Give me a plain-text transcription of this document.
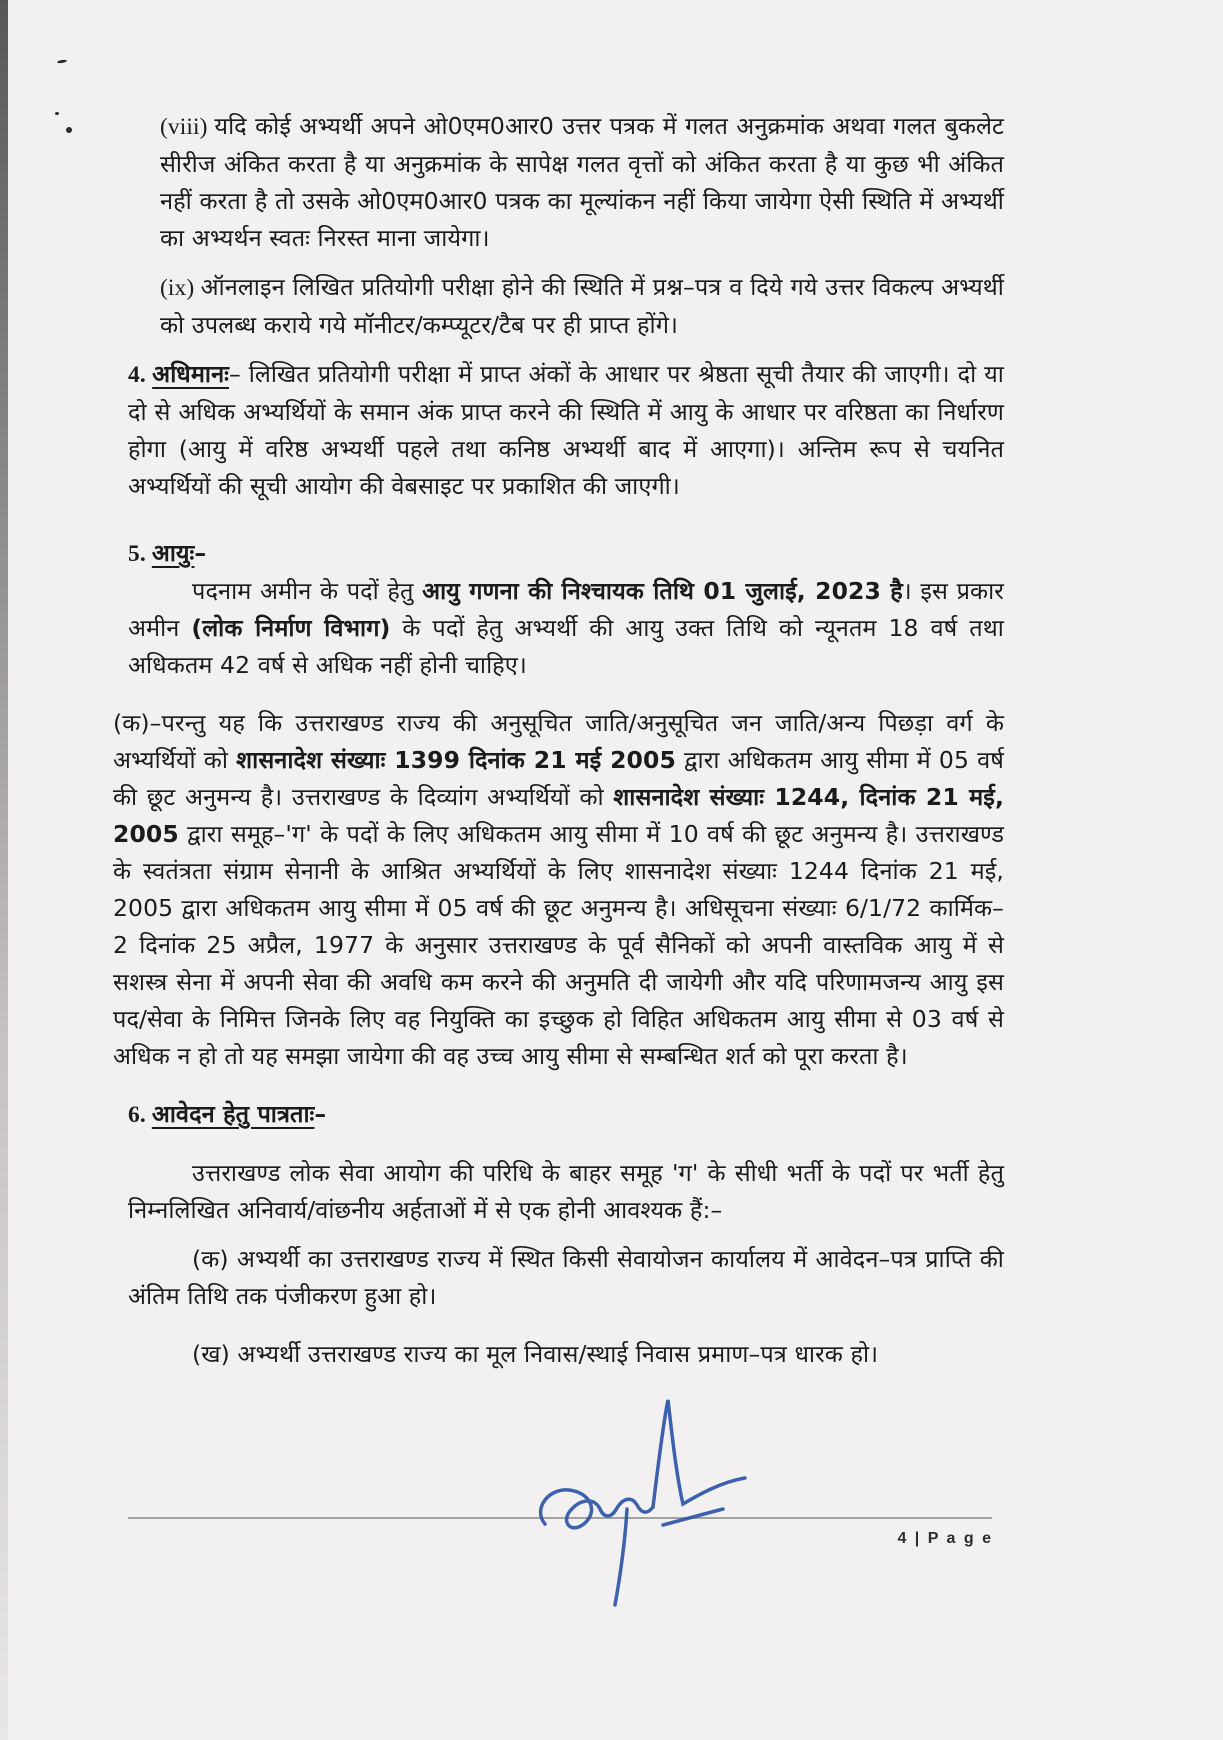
(viii) यदि कोई अभ्यर्थी अपने ओ0एम0आर0 उत्तर पत्रक में गलत अनुक्रमांक अथवा गलत बुकलेट सीरीज अंकित करता है या अनुक्रमांक के सापेक्ष गलत वृत्तों को अंकित करता है या कुछ भी अंकित नहीं करता है तो उसके ओ0एम0आर0 पत्रक का मूल्यांकन नहीं किया जायेगा ऐसी स्थिति में अभ्यर्थी का अभ्यर्थन स्वतः निरस्त माना जायेगा।

(ix) ऑनलाइन लिखित प्रतियोगी परीक्षा होने की स्थिति में प्रश्न–पत्र व दिये गये उत्तर विकल्प अभ्यर्थी को उपलब्ध कराये गये मॉनीटर/कम्प्यूटर/टैब पर ही प्राप्त होंगे।

4. अधिमानः– लिखित प्रतियोगी परीक्षा में प्राप्त अंकों के आधार पर श्रेष्ठता सूची तैयार की जाएगी। दो या दो से अधिक अभ्यर्थियों के समान अंक प्राप्त करने की स्थिति में आयु के आधार पर वरिष्ठता का निर्धारण होगा (आयु में वरिष्ठ अभ्यर्थी पहले तथा कनिष्ठ अभ्यर्थी बाद में आएगा)। अन्तिम रूप से चयनित अभ्यर्थियों की सूची आयोग की वेबसाइट पर प्रकाशित की जाएगी।

5. आयुः–

पदनाम अमीन के पदों हेतु आयु गणना की निश्चायक तिथि 01 जुलाई, 2023 है। इस प्रकार अमीन (लोक निर्माण विभाग) के पदों हेतु अभ्यर्थी की आयु उक्त तिथि को न्यूनतम 18 वर्ष तथा अधिकतम 42 वर्ष से अधिक नहीं होनी चाहिए।

(क)–परन्तु यह कि उत्तराखण्ड राज्य की अनुसूचित जाति/अनुसूचित जन जाति/अन्य पिछड़ा वर्ग के अभ्यर्थियों को शासनादेश संख्याः 1399 दिनांक 21 मई 2005 द्वारा अधिकतम आयु सीमा में 05 वर्ष की छूट अनुमन्य है। उत्तराखण्ड के दिव्यांग अभ्यर्थियों को शासनादेश संख्याः 1244, दिनांक 21 मई, 2005 द्वारा समूह–'ग' के पदों के लिए अधिकतम आयु सीमा में 10 वर्ष की छूट अनुमन्य है। उत्तराखण्ड के स्वतंत्रता संग्राम सेनानी के आश्रित अभ्यर्थियों के लिए शासनादेश संख्याः 1244 दिनांक 21 मई, 2005 द्वारा अधिकतम आयु सीमा में 05 वर्ष की छूट अनुमन्य है। अधिसूचना संख्याः 6/1/72 कार्मिक–2 दिनांक 25 अप्रैल, 1977 के अनुसार उत्तराखण्ड के पूर्व सैनिकों को अपनी वास्तविक आयु में से सशस्त्र सेना में अपनी सेवा की अवधि कम करने की अनुमति दी जायेगी और यदि परिणामजन्य आयु इस पद/सेवा के निमित्त जिनके लिए वह नियुक्ति का इच्छुक हो विहित अधिकतम आयु सीमा से 03 वर्ष से अधिक न हो तो यह समझा जायेगा की वह उच्च आयु सीमा से सम्बन्धित शर्त को पूरा करता है।

6. आवेदन हेतु पात्रताः–

उत्तराखण्ड लोक सेवा आयोग की परिधि के बाहर समूह 'ग' के सीधी भर्ती के पदों पर भर्ती हेतु निम्नलिखित अनिवार्य/वांछनीय अर्हताओं में से एक होनी आवश्यक हैं:–

(क) अभ्यर्थी का उत्तराखण्ड राज्य में स्थित किसी सेवायोजन कार्यालय में आवेदन–पत्र प्राप्ति की अंतिम तिथि तक पंजीकरण हुआ हो।

(ख) अभ्यर्थी उत्तराखण्ड राज्य का मूल निवास/स्थाई निवास प्रमाण–पत्र धारक हो।

4 | P a g e
